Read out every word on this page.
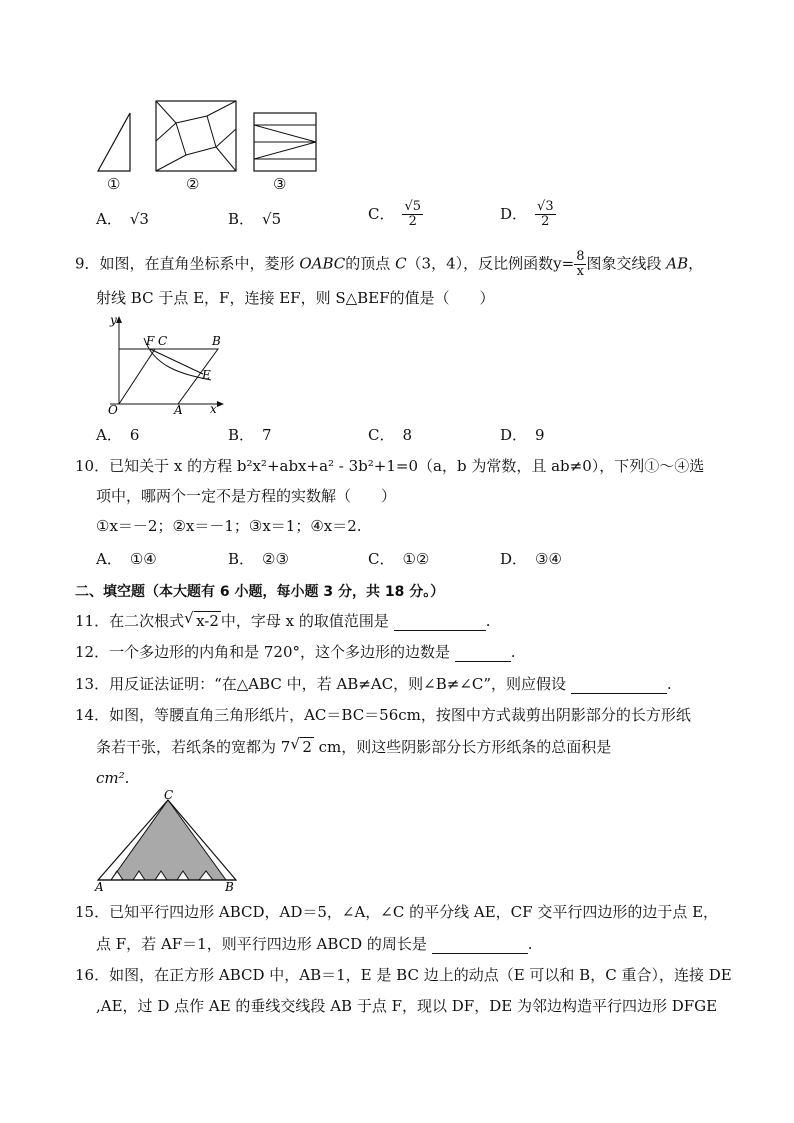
①	②	③
A． √3	B． √5	C． $\frac{√5}{2}$	D． $\frac{√3}{2}$
9．如图，在直角坐标系中，菱形 OABC的顶点 C（3，4），反比例函数$y= \frac{8}{x}$ 图象交线段 AB，
射线 BC 于点 E，F，连接 EF，则 S△BEF的值是（　　）
y
x
O	A
B
C
F
E
A． 6	B． 7	C． 8	D． 9
10．已知关于 x 的方程 b²x²+abx+a² - 3b²+1=0（a，b 为常数，且 ab≠0），下列①～④选
项中，哪两个一定不是方程的实数解（　　）
①x＝－2；②x＝－1；③x＝1；④x＝2.
A． ①④	B． ②③	C． ①②	D． ③④
二、填空题（本大题有 6 小题，每小题 3 分，共 18 分。）
11．在二次根式 √ x-2 中，字母 x 的取值范围是	.
12．一个多边形的内角和是 720°，这个多边形的边数是	.
13．用反证法证明：“在△ABC 中，若 AB≠AC，则∠B≠∠C”，则应假设	.
14．如图，等腰直角三角形纸片，AC＝BC＝56cm，按图中方式裁剪出阴影部分的长方形纸
条若干张，若纸条的宽都为 7 √ 2 cm，则这些阴影部分长方形纸条的总面积是
cm².
C
A	B
15．已知平行四边形 ABCD，AD＝5，∠A，∠C 的平分线 AE，CF 交平行四边形的边于点 E，
点 F，若 AF＝1，则平行四边形 ABCD 的周长是	.
16．如图，在正方形 ABCD 中，AB＝1，E 是 BC 边上的动点（E 可以和 B，C 重合），连接 DE
,AE，过 D 点作 AE 的垂线交线段 AB 于点 F，现以 DF，DE 为邻边构造平行四边形 DFGE
